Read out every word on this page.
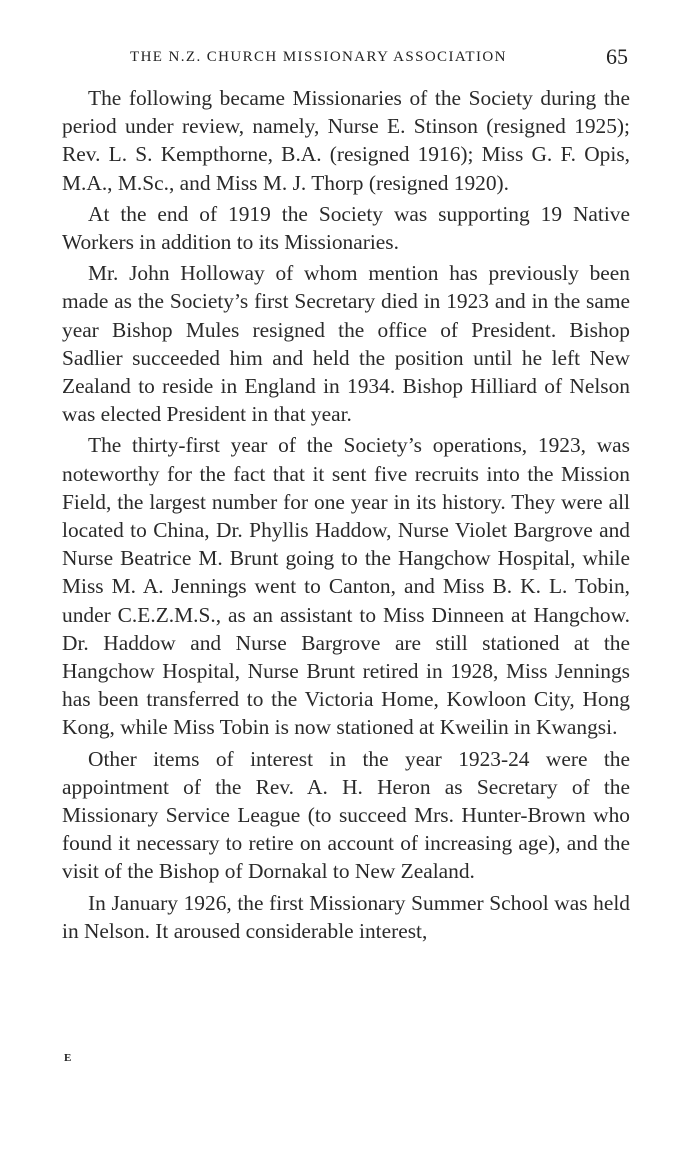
THE N.Z. CHURCH MISSIONARY ASSOCIATION	65

The following became Missionaries of the Society during the period under review, namely, Nurse E. Stinson (resigned 1925); Rev. L. S. Kempthorne, B.A. (resigned 1916); Miss G. F. Opis, M.A., M.Sc., and Miss M. J. Thorp (resigned 1920).

At the end of 1919 the Society was supporting 19 Native Workers in addition to its Missionaries.

Mr. John Holloway of whom mention has previously been made as the Society’s first Secretary died in 1923 and in the same year Bishop Mules resigned the office of President. Bishop Sadlier succeeded him and held the position until he left New Zealand to reside in England in 1934. Bishop Hilliard of Nelson was elected President in that year.

The thirty-first year of the Society’s operations, 1923, was noteworthy for the fact that it sent five recruits into the Mission Field, the largest number for one year in its history. They were all located to China, Dr. Phyllis Haddow, Nurse Violet Bargrove and Nurse Beatrice M. Brunt going to the Hangchow Hospital, while Miss M. A. Jennings went to Canton, and Miss B. K. L. Tobin, under C.E.Z.M.S., as an assistant to Miss Dinneen at Hangchow. Dr. Haddow and Nurse Bargrove are still stationed at the Hangchow Hospital, Nurse Brunt retired in 1928, Miss Jennings has been transferred to the Victoria Home, Kowloon City, Hong Kong, while Miss Tobin is now stationed at Kweilin in Kwangsi.

Other items of interest in the year 1923-24 were the appointment of the Rev. A. H. Heron as Secretary of the Missionary Service League (to succeed Mrs. Hunter-Brown who found it necessary to retire on account of increasing age), and the visit of the Bishop of Dornakal to New Zealand.

In January 1926, the first Missionary Summer School was held in Nelson. It aroused considerable interest,

E
